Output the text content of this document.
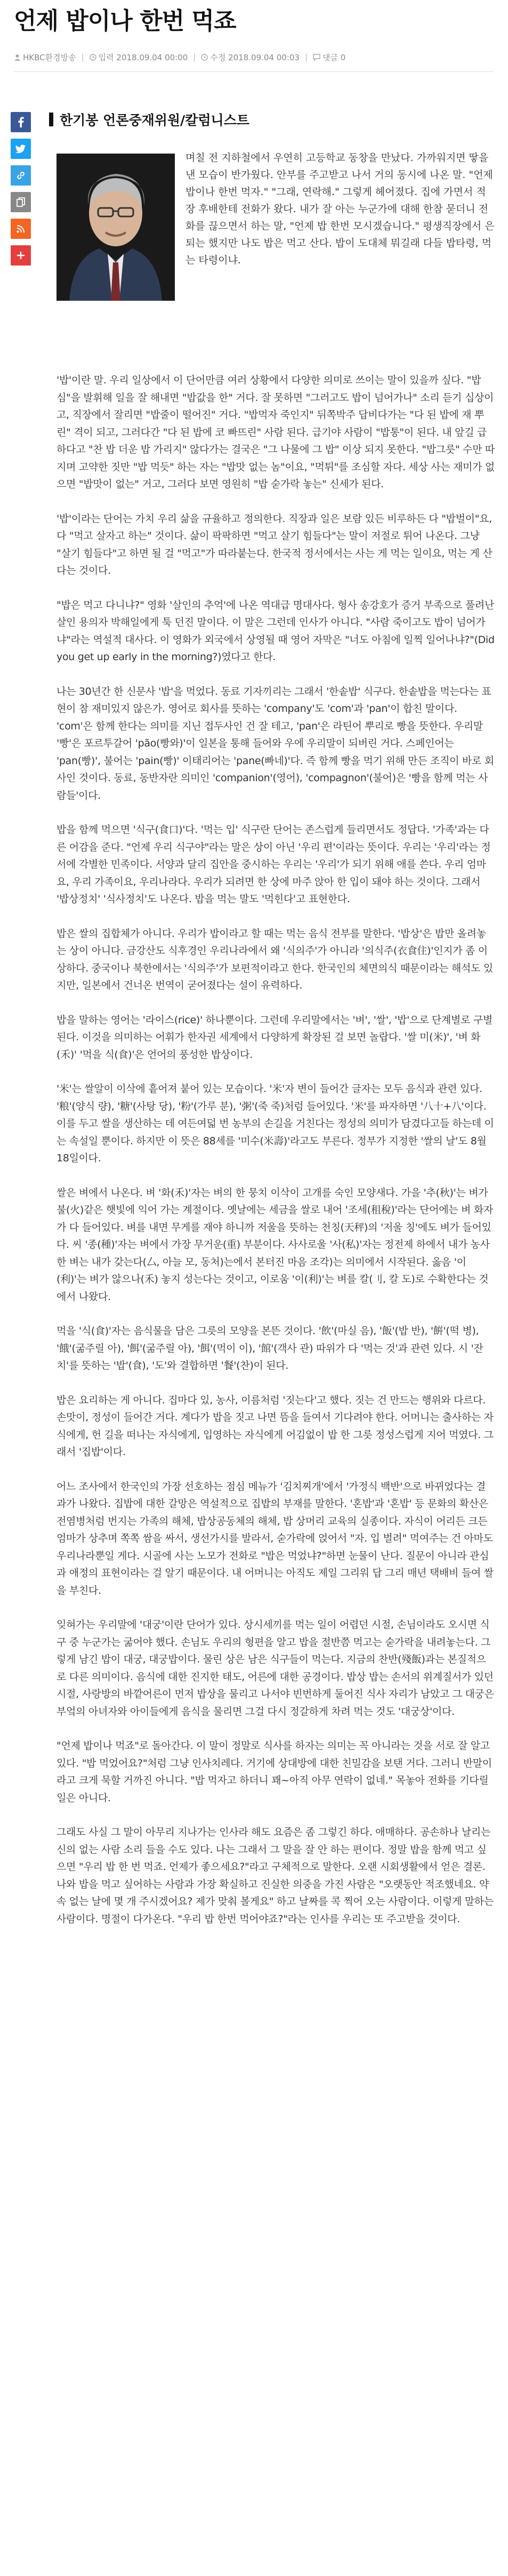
언제 밥이나 한번 먹죠
HKBC환경방송 | 입력 2018.09.04 00:00 | 수정 2018.09.04 00:03 | 댓글 0
한기봉 언론중재위원/칼럼니스트

며칠 전 지하철에서 우연히 고등학교 동창을 만났다. 가까워지면 땋을 낸 모습이 반가웠다. 안부를 주고받고 나서 거의 동시에 나온 말. "언제 밥이나 한번 먹자." "그래, 연락해." 그렇게 헤어졌다. 집에 가면서 적장 후배한테 전화가 왔다. 내가 잘 아는 누군가에 대해 한참 묻더니 전화를 끊으면서 하는 말, "언제 밥 한번 모시겠습니다." 평생직장에서 은퇴는 했지만 나도 밥은 먹고 산다. 밥이 도대체 뭐길래 다들 밥타령, 먹는 타령이냐.

'밥'이란 말. 우리 일상에서 이 단어만큼 여러 상황에서 다양한 의미로 쓰이는 말이 있을까 싶다. "밥심"을 발휘해 일을 잘 해내면 "밥값을 한" 거다. 잘 못하면 "그러고도 밥이 넘어가나" 소리 듣기 십상이고, 직장에서 잘리면 "밥줄이 떨어진" 거다. "밥먹자 죽인지" 뒤쪽박주 답비다가는 "다 된 밥에 재 뿌린" 격이 되고, 그러다간 "다 된 밥에 코 빠뜨린" 사람 된다. 급기야 사람이 "밥통"이 된다. 내 앞길 급하다고 "찬 밥 더운 밥 가리지" 않다가는 결국은 "그 나물에 그 밥" 이상 되지 못한다. "밥그릇" 수만 따지며 고약한 짓만 "밥 먹듯" 하는 자는 "밥맛 없는 놈"이요, "먹튀"를 조심할 자다. 세상 사는 재미가 없으면 "밥맛이 없는" 거고, 그러다 보면 영원히 "밥 숟가락 놓는" 신세가 된다.

'밥'이라는 단어는 가치 우리 삶을 규율하고 정의한다. 직장과 일은 보람 있든 비루하든 다 "밥벌이"요, 다 "먹고 살자고 하는" 것이다. 삶이 팍팍하면 "먹고 살기 힘들다"는 말이 저절로 튀어 나온다. 그냥 "살기 힘들다"고 하면 될 걸 "먹고"가 따라붙는다. 한국적 정서에서는 사는 게 먹는 일이요, 먹는 게 산다는 것이다.

"밥은 먹고 다니냐?" 영화 '살인의 추억'에 나온 역대급 명대사다. 형사 송강호가 증거 부족으로 풀려난 살인 용의자 박해일에게 툭 던진 말이다. 이 말은 그런데 인사가 아니다. "사람 죽이고도 밥이 넘어가냐"라는 역설적 대사다. 이 영화가 외국에서 상영될 때 영어 자막은 "너도 아침에 일찍 일어나냐?"(Did you get up early in the morning?)였다고 한다.

나는 30년간 한 신문사 '밥'을 먹었다. 동료 기자끼리는 그래서 '한솥밥' 식구다. 한솥밥을 먹는다는 표현이 참 재미있지 않은가. 영어로 회사를 뜻하는 'company'도 'com'과 'pan'이 합친 말이다. 'com'은 함께 한다는 의미를 지닌 접두사인 건 잘 테고, 'pan'은 라틴어 뿌리로 빵을 뜻한다. 우리말 '빵'은 포르투갈어 'pão(빵와)'이 일본을 통해 들어와 우에 우리말이 되버린 거다. 스페인어는 'pan(빵)', 불어는 'pain(빵)' 이태리어는 'pane(빠네)'다. 즉 함께 빵을 먹기 위해 만든 조직이 바로 회사인 것이다. 동료, 동반자란 의미인 'companion'(영어), 'compagnon'(불어)은 '빵을 함께 먹는 사람들'이다.

밥을 함께 먹으면 '식구(食口)'다. '먹는 입' 식구란 단어는 존스럽게 들리면서도 정답다. '가족'과는 다른 어감을 준다. "언제 우리 식구야"라는 말은 상이 아닌 '우리 편'이라는 뜻이다. 우리는 '우리'라는 정서에 각별한 민족이다. 서양과 달리 집안을 중시하는 우리는 '우리'가 되기 위해 애를 쓴다. 우리 엄마요, 우리 가족이요, 우리나라다. 우리가 되려면 한 상에 마주 앉아 한 입이 돼야 하는 것이다. 그래서 '밥상정치' '식사정치'도 나온다. 밥을 먹는 말도 '먹힌다'고 표현한다.

밥은 쌀의 집합체가 아니다. 우리가 밥이라고 할 때는 먹는 음식 전부를 말한다. '밥상'은 밥만 올려놓는 상이 아니다. 금강산도 식후경인 우리나라에서 왜 '식의주'가 아니라 '의식주(衣食住)'인지가 좀 이상하다. 중국이나 북한에서는 '식의주'가 보편적이라고 한다. 한국인의 체면의식 때문이라는 해석도 있지만, 일본에서 건너온 번역이 굳어졌다는 설이 유력하다.

밥을 말하는 영어는 '라이스(rice)' 하나뿐이다. 그런데 우리말에서는 '벼', '쌀', '밥'으로 단계별로 구별된다. 이것을 의미하는 어휘가 한자권 세계에서 다양하게 확장된 걸 보면 놀랍다. '쌀 미(米)', '벼 화(禾)' '먹을 식(食)'은 언어의 풍성한 밥상이다.

'米'는 쌀알이 이삭에 흩어져 붙어 있는 모습이다. '米'자 변이 들어간 글자는 모두 음식과 관련 있다. '粮'(양식 량), '糖'(사탕 당), '粉'(가루 분), '粥'(죽 죽)처럼 들어있다. '米'를 파자하면 '八十+八'이다. 이를 두고 쌀을 생산하는 데 여든여덟 번 농부의 손길을 거친다는 정성의 의미가 담겼다고들 하는데 이는 속설일 뿐이다. 하지만 이 뜻은 88세를 '미수(米壽)'라고도 부른다. 정부가 지정한 '쌀의 날'도 8월 18일이다.

쌀은 벼에서 나온다. 벼 '화(禾)'자는 벼의 한 뭉치 이삭이 고개를 숙인 모양새다. 가을 '추(秋)'는 벼가 불(火)같은 햇빛에 익어 가는 계절이다. 옛날에는 세금을 쌀로 내어 '조세(租稅)'라는 단어에는 벼 화자가 다 들어있다. 벼를 내면 무게를 재야 하니까 저울을 뜻하는 천칭(天秤)의 '저울 칭'에도 벼가 들어있다. 씨 '종(種)'자는 벼에서 가장 무거운(重) 부분이다. 사사로울 '사(私)'자는 정전제 하에서 내가 농사한 벼는 내가 갖는다(厶, 아늘 모, 동처)는에서 본터진 마음 조각)는 의미에서 시작된다. 옳음 '이(利)'는 벼가 않으나(禾) 놓지 성는다는 것이고, 이로움 '이(利)'는 벼를 칼(刂, 칼 도)로 수확한다는 것에서 나왔다.

먹을 '식(食)'자는 음식물을 담은 그릇의 모양을 본뜬 것이다. '飲'(마실 음), '飯'(밥 반), '餠'(떡 병), '餓'(굶주릴 아), '餌'(굶주릴 아), '餌'(먹이 이), '館'(객사 관) 따위가 다 '먹는 것'과 관련 있다. 시 '잔치'를 뜻하는 '밥'(食), '도'와 결합하면 '餐'(찬)이 된다.

밥은 요리하는 게 아니다. 집마다 있, 농사, 이름처럼 '짓는다'고 했다. 짓는 건 만드는 행위와 다르다. 손맛이, 정성이 들어간 거다. 계다가 밥을 짓고 나면 뜸을 들여서 기다려야 한다. 어머니는 출사하는 자식에게, 헌 길을 떠나는 자식에게, 입영하는 자식에게 어김없이 밥 한 그릇 정성스럽게 지어 먹였다. 그래서 '집밥'이다.

어느 조사에서 한국인의 가장 선호하는 점심 메뉴가 '김치찌개'에서 '가정식 백반'으로 바뀌었다는 결과가 나왔다. 집밥에 대한 갈망은 역설적으로 집밥의 부재를 말한다. '혼밥'과 '혼밥' 등 문화의 확산은 전염병처럼 번지는 가족의 해체, 밥상공동체의 해체, 밥 상머리 교육의 실종이다. 자식이 어리든 크든 엄마가 상추며 쪽쪽 쌈을 싸서, 생선가시를 발라서, 숟가락에 얹어서 "자. 입 벌려" 먹여주는 건 아마도 우리나라뿐일 게다. 시골에 사는 노모가 전화로 "밥은 먹었냐?"하면 눈물이 난다. 질문이 아니라 관심과 애정의 표현이라는 걸 알기 때문이다. 내 어머니는 아직도 제일 그리워 답 그리 매년 택배비 들여 쌀을 부친다.

잊혀가는 우리말에 '대궁'이란 단어가 있다. 상시세끼를 먹는 일이 어렵던 시절, 손님이라도 오시면 식구 중 누군가는 굶어야 했다. 손님도 우리의 형편을 알고 밥을 절반쯤 먹고는 숟가락을 내려놓는다. 그렇게 남긴 밥이 대궁, 대궁밥이다. 물린 상은 남은 식구들이 먹는다. 지금의 찬반(殘飯)과는 본질적으로 다른 의미이다. 음식에 대한 진지한 태도, 어른에 대한 공경이다. 밥상 밥는 손서의 위계질서가 있던 시절, 사랑방의 바깥어른이 먼저 밥상을 물리고 나서야 빈번하게 둘어진 식사 자리가 남았고 그 대궁은 부엌의 아녀자와 아이들에게 음식을 물리면 그걸 다시 정갈하게 차려 먹는 것도 '대궁상'이다.

"언제 밥이나 먹죠"로 돌아간다. 이 말이 정말로 식사를 하자는 의미는 꼭 아니라는 것을 서로 잘 알고 있다. "밥 먹었어요?"처럼 그냥 인사치레다. 거기에 상대방에 대한 친밀감을 보탠 거다. 그러니 반말이라고 크게 묵할 거까진 아니다. "밥 먹자고 하더니 꽤~아직 아무 연락이 없네." 목놓아 전화를 기다릴 일은 아니다.

그래도 사실 그 말이 아무리 지나가는 인사라 해도 요즘은 좀 그렇긴 하다. 애매하다. 공손하나 날리는 신의 없는 사람 소리 들을 수도 있다. 나는 그래서 그 말을 잘 안 하는 편이다. 정말 밥을 함께 먹고 싶으면 "우리 밥 한 번 먹죠. 언제가 좋으세요?"라고 구체적으로 말한다. 오랜 시회생활에서 얻은 결론. 나와 밥을 먹고 싶어하는 사람과 가장 확실하고 진실한 의중을 가진 사람은 "오랫동안 적조했네요. 약속 없는 날에 몇 개 주시겠어요? 제가 맞춰 볼게요" 하고 날짜를 콕 찍어 오는 사람이다. 이렇게 말하는 사람이다. 명절이 다가온다. "우리 밥 한번 먹어야죠?"라는 인사를 우리는 또 주고받을 것이다.
